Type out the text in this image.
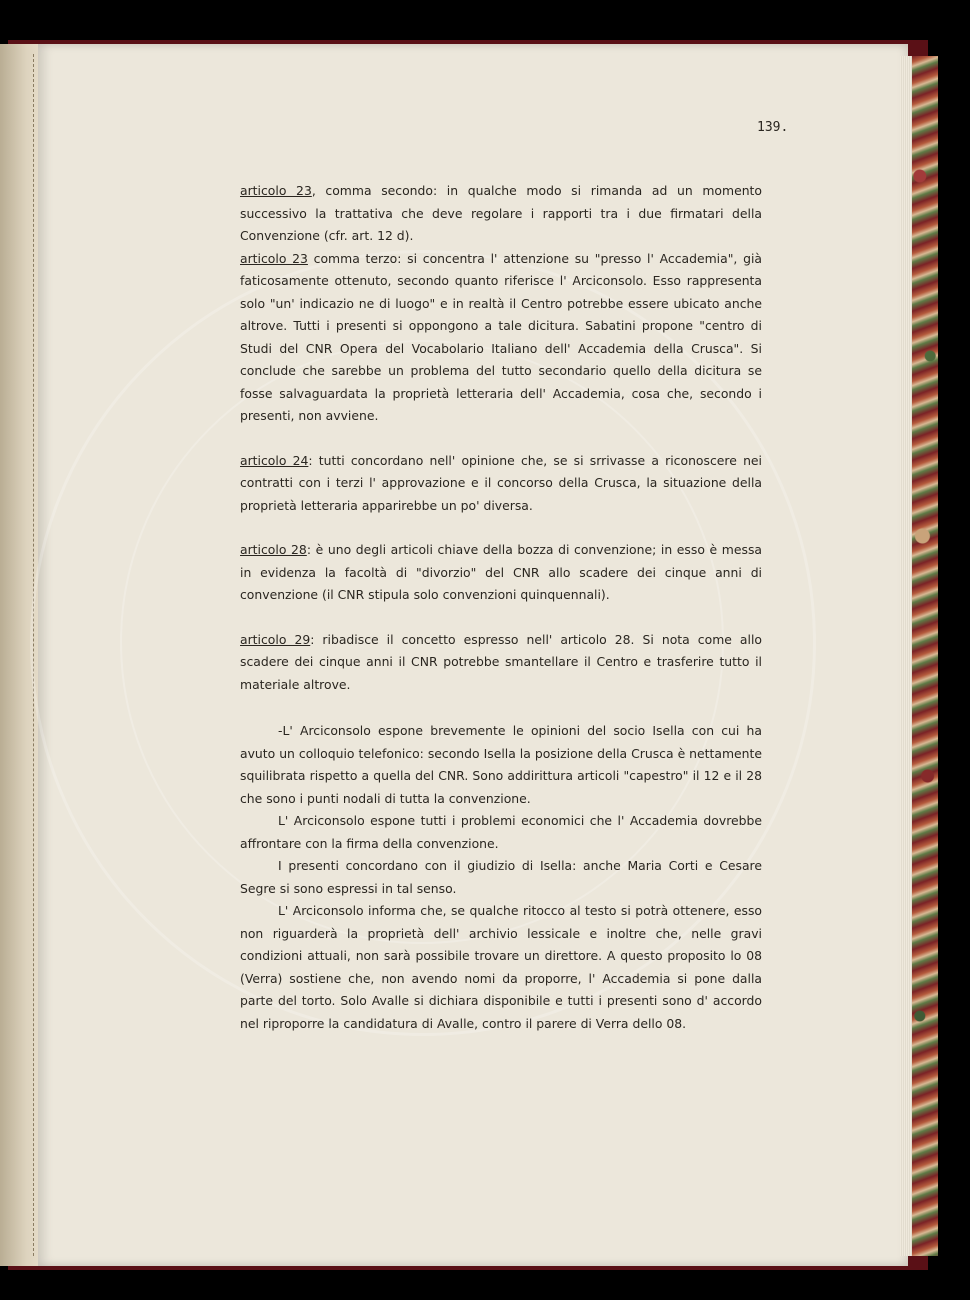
139.

articolo 23, comma secondo: in qualche modo si rimanda ad un momento successivo la trattativa che deve regolare i rapporti tra i due firmatari della Convenzione (cfr. art. 12 d).

articolo 23 comma terzo: si concentra l' attenzione su "presso l' Accademia", già faticosamente ottenuto, secondo quanto riferisce l' Arciconsolo. Esso rappresenta solo "un' indicazio ne di luogo" e in realtà il Centro potrebbe essere ubicato anche altrove. Tutti i presenti si oppongono a tale dicitura. Sabatini propone "centro di Studi del CNR Opera del Vocabolario Italiano dell' Accademia della Crusca". Si conclude che sarebbe un problema del tutto secondario quello della dicitura se fosse salvaguardata la proprietà letteraria dell' Accademia, cosa che, secondo i presenti, non avviene.

articolo 24: tutti concordano nell' opinione che, se si srrivasse a riconoscere nei contratti con i terzi l' approvazione e il concorso della Crusca, la situazione della proprietà letteraria apparirebbe un po' diversa.

articolo 28: è uno degli articoli chiave della bozza di convenzione; in esso è messa in evidenza la facoltà di "divorzio" del CNR allo scadere dei cinque anni di convenzione (il CNR stipula solo convenzioni quinquennali).

articolo 29: ribadisce il concetto espresso nell' articolo 28. Si nota come allo scadere dei cinque anni il CNR potrebbe smantellare il Centro e trasferire tutto il materiale altrove.

-L' Arciconsolo espone brevemente le opinioni del socio Isella con cui ha avuto un colloquio telefonico: secondo Isella la posizione della Crusca è nettamente squilibrata rispetto a quella del CNR. Sono addirittura articoli "capestro" il 12 e il 28 che sono i punti nodali di tutta la convenzione.

L' Arciconsolo espone tutti i problemi economici che l' Accademia dovrebbe affrontare con la firma della convenzione.

I presenti concordano con il giudizio di Isella: anche Maria Corti e Cesare Segre si sono espressi in tal senso.

L' Arciconsolo informa che, se qualche ritocco al testo si potrà ottenere, esso non riguarderà la proprietà dell' archivio lessicale e inoltre che, nelle gravi condizioni attuali, non sarà possibile trovare un direttore. A questo proposito lo 08 (Verra) sostiene che, non avendo nomi da proporre, l' Accademia si pone dalla parte del torto. Solo Avalle si dichiara disponibile e tutti i presenti sono d' accordo nel riproporre la candidatura di Avalle, contro il parere di Verra dello 08.
